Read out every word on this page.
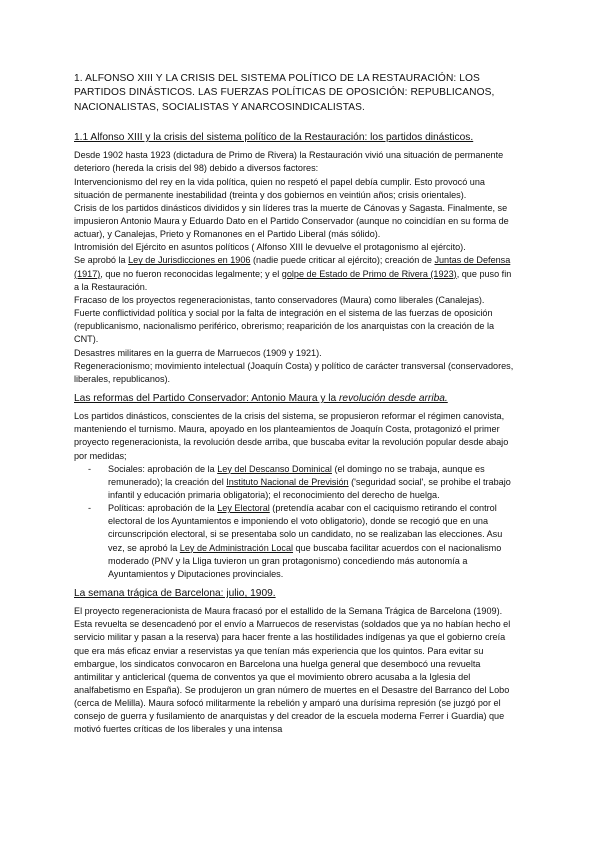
1. ALFONSO XIII Y LA CRISIS DEL SISTEMA POLÍTICO DE LA RESTAURACIÓN: LOS PARTIDOS DINÁSTICOS. LAS FUERZAS POLÍTICAS DE OPOSICIÓN: REPUBLICANOS, NACIONALISTAS, SOCIALISTAS Y ANARCOSINDICALISTAS.
1.1 Alfonso XIII y la crisis del sistema político de la Restauración: los partidos dinásticos.

Desde 1902 hasta 1923 (dictadura de Primo de Rivera) la Restauración vivió una situación de permanente deterioro (hereda la crisis del 98) debido a diversos factores:

Intervencionismo del rey en la vida política, quien no respetó el papel debía cumplir. Esto provocó una situación de permanente inestabilidad (treinta y dos gobiernos en veintiún años; crisis orientales).

Crisis de los partidos dinásticos divididos y sin líderes tras la muerte de Cánovas y Sagasta. Finalmente, se impusieron Antonio Maura y Eduardo Dato en el Partido Conservador (aunque no coincidían en su forma de actuar), y Canalejas, Prieto y Romanones en el Partido Liberal (más sólido).

Intromisión del Ejército en asuntos políticos ( Alfonso XIII le devuelve el protagonismo al ejército).

Se aprobó la Ley de Jurisdicciones en 1906 (nadie puede criticar al ejército); creación de Juntas de Defensa (1917), que no fueron reconocidas legalmente; y el golpe de Estado de Primo de Rivera (1923), que puso fin a la Restauración.

Fracaso de los proyectos regeneracionistas, tanto conservadores (Maura) como liberales (Canalejas).

Fuerte conflictividad política y social por la falta de integración en el sistema de las fuerzas de oposición (republicanismo, nacionalismo periférico, obrerismo; reaparición de los anarquistas con la creación de la CNT).

Desastres militares en la guerra de Marruecos (1909 y 1921).

Regeneracionismo; movimiento intelectual (Joaquín Costa) y político de carácter transversal (conservadores, liberales, republicanos).

Las reformas del Partido Conservador: Antonio Maura y la revolución desde arriba.

Los partidos dinásticos, conscientes de la crisis del sistema, se propusieron reformar el régimen canovista, manteniendo el turnismo. Maura, apoyado en los planteamientos de Joaquín Costa, protagonizó el primer proyecto regeneracionista, la revolución desde arriba, que buscaba evitar la revolución popular desde abajo por medidas;

-	Sociales: aprobación de la Ley del Descanso Dominical (el domingo no se trabaja, aunque es remunerado); la creación del Instituto Nacional de Previsión ('seguridad social', se prohibe el trabajo infantil y educación primaria obligatoria); el reconocimiento del derecho de huelga.
-	Políticas: aprobación de la Ley Electoral (pretendía acabar con el caciquismo retirando el control electoral de los Ayuntamientos e imponiendo el voto obligatorio), donde se recogió que en una circunscripción electoral, si se presentaba solo un candidato, no se realizaban las elecciones. Asu vez, se aprobó la Ley de Administración Local que buscaba facilitar acuerdos con el nacionalismo moderado (PNV y la Lliga tuvieron un gran protagonismo) concediendo más autonomía a Ayuntamientos y Diputaciones provinciales.
La semana trágica de Barcelona: julio, 1909.

El proyecto regeneracionista de Maura fracasó por el estallido de la Semana Trágica de Barcelona (1909). Esta revuelta se desencadenó por el envío a Marruecos de reservistas (soldados que ya no habían hecho el servicio militar y pasan a la reserva) para hacer frente a las hostilidades indígenas ya que el gobierno creía que era más eficaz enviar a reservistas ya que tenían más experiencia que los quintos. Para evitar su embargue, los sindicatos convocaron en Barcelona una huelga general que desembocó una revuelta antimilitar y anticlerical (quema de conventos ya que el movimiento obrero acusaba a la Iglesia del analfabetismo en España). Se produjeron un gran número de muertes en el Desastre del Barranco del Lobo (cerca de Melilla). Maura sofocó militarmente la rebelión y amparó una durísima represión (se juzgó por el consejo de guerra y fusilamiento de anarquistas y del creador de la escuela moderna Ferrer i Guardia) que motivó fuertes críticas de los liberales y una intensa
